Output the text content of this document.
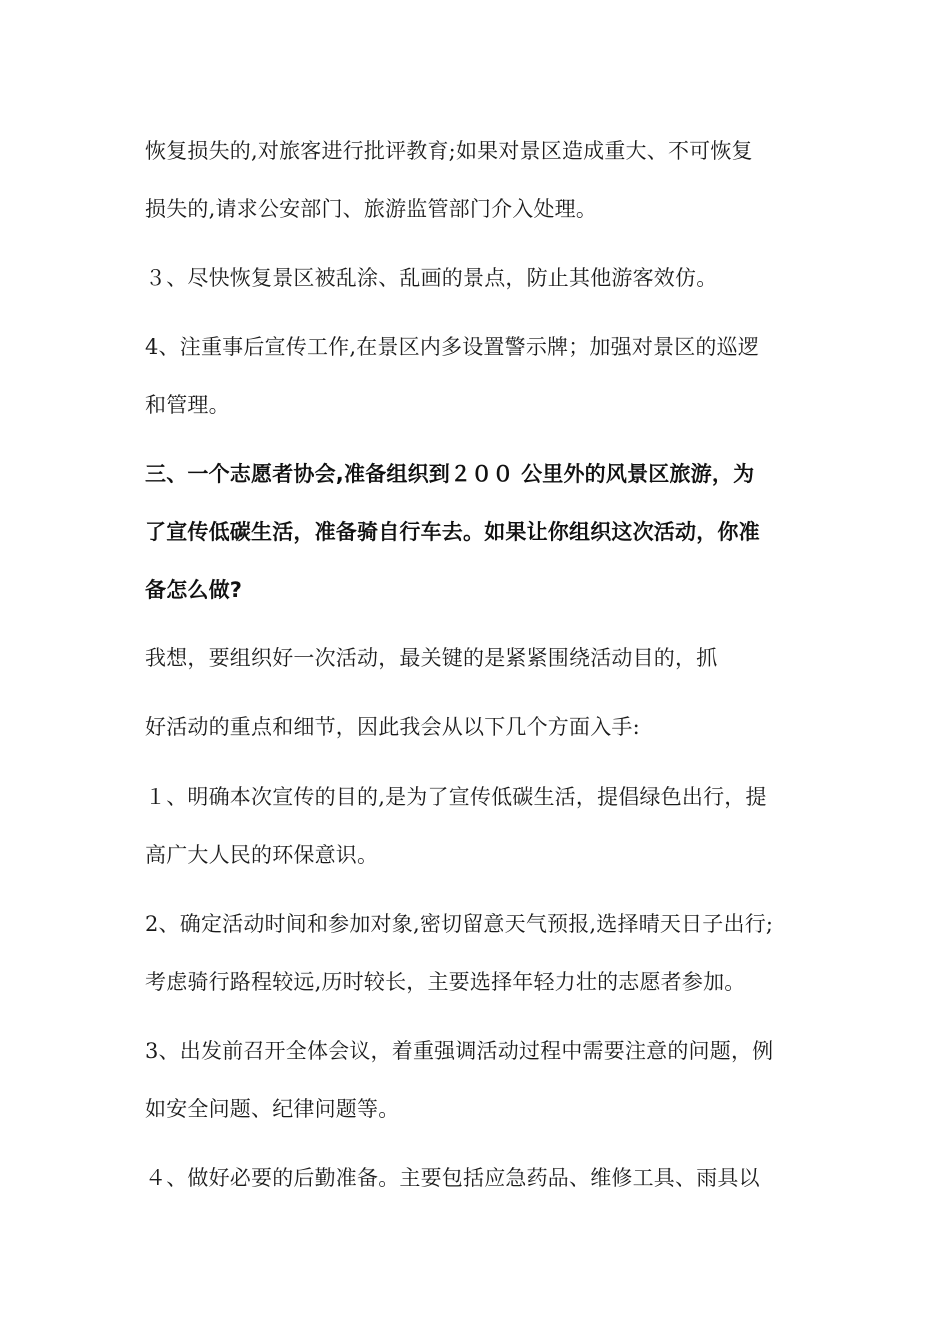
恢复损失的,对旅客进行批评教育;如果对景区造成重大、不可恢复
损失的,请求公安部门、旅游监管部门介入处理。
３、尽快恢复景区被乱涂、乱画的景点，防止其他游客效仿。
4、注重事后宣传工作,在景区内多设置警示牌；加强对景区的巡逻
和管理。
三、一个志愿者协会,准备组织到２００ 公里外的风景区旅游，为
了宣传低碳生活，准备骑自行车去。如果让你组织这次活动，你准
备怎么做?
我想，要组织好一次活动，最关键的是紧紧围绕活动目的，抓
好活动的重点和细节，因此我会从以下几个方面入手:
１、明确本次宣传的目的,是为了宣传低碳生活，提倡绿色出行，提
高广大人民的环保意识。
2、确定活动时间和参加对象,密切留意天气预报,选择晴天日子出行;
考虑骑行路程较远,历时较长，主要选择年轻力壮的志愿者参加。
3、出发前召开全体会议，着重强调活动过程中需要注意的问题，例
如安全问题、纪律问题等。
４、做好必要的后勤准备。主要包括应急药品、维修工具、雨具以
